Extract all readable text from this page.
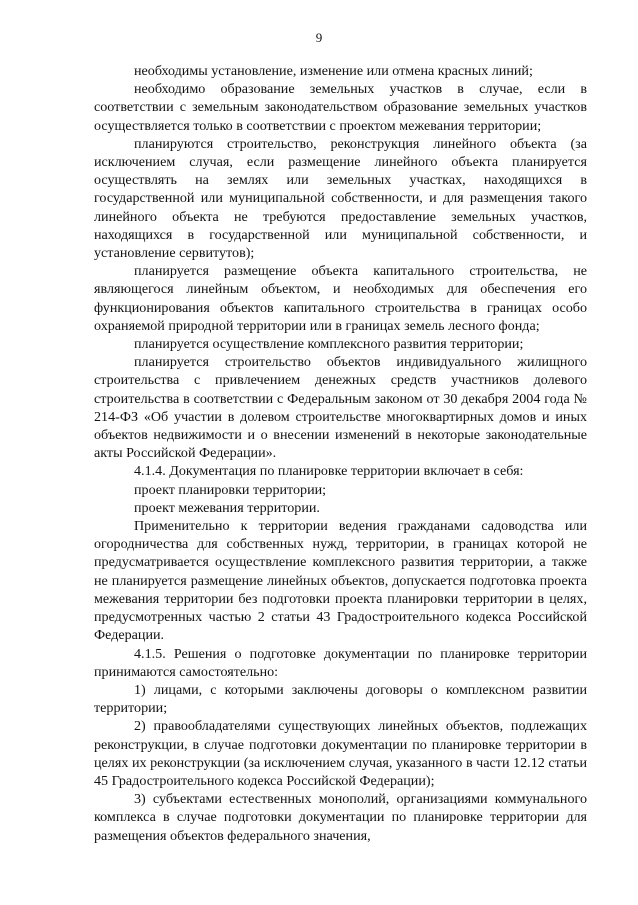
9

необходимы установление, изменение или отмена красных линий;

необходимо образование земельных участков в случае, если в соответствии с земельным законодательством образование земельных участков осуществляется только в соответствии с проектом межевания территории;

планируются строительство, реконструкция линейного объекта (за исключением случая, если размещение линейного объекта планируется осуществлять на землях или земельных участках, находящихся в государственной или муниципальной собственности, и для размещения такого линейного объекта не требуются предоставление земельных участков, находящихся в государственной или муниципальной собственности, и установление сервитутов);

планируется размещение объекта капитального строительства, не являющегося линейным объектом, и необходимых для обеспечения его функционирования объектов капитального строительства в границах особо охраняемой природной территории или в границах земель лесного фонда;

планируется осуществление комплексного развития территории;

планируется строительство объектов индивидуального жилищного строительства с привлечением денежных средств участников долевого строительства в соответствии с Федеральным законом от 30 декабря 2004 года № 214-ФЗ «Об участии в долевом строительстве многоквартирных домов и иных объектов недвижимости и о внесении изменений в некоторые законодательные акты Российской Федерации».

4.1.4. Документация по планировке территории включает в себя:

проект планировки территории;

проект межевания территории.

Применительно к территории ведения гражданами садоводства или огородничества для собственных нужд, территории, в границах которой не предусматривается осуществление комплексного развития территории, а также не планируется размещение линейных объектов, допускается подготовка проекта межевания территории без подготовки проекта планировки территории в целях, предусмотренных частью 2 статьи 43 Градостроительного кодекса Российской Федерации.

4.1.5. Решения о подготовке документации по планировке территории принимаются самостоятельно:

1) лицами, с которыми заключены договоры о комплексном развитии территории;

2) правообладателями существующих линейных объектов, подлежащих реконструкции, в случае подготовки документации по планировке территории в целях их реконструкции (за исключением случая, указанного в части 12.12 статьи 45 Градостроительного кодекса Российской Федерации);

3) субъектами естественных монополий, организациями коммунального комплекса в случае подготовки документации по планировке территории для размещения объектов федерального значения,
